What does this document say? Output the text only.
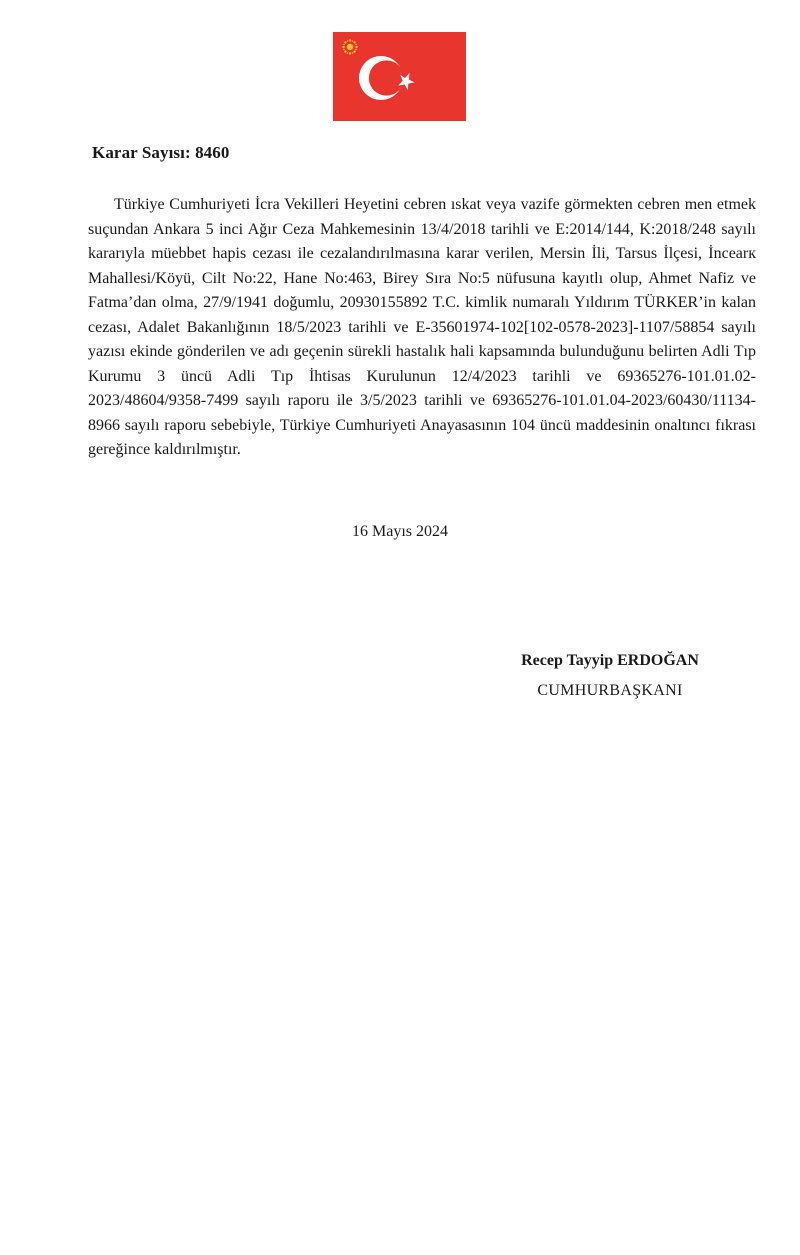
Karar Sayısı: 8460

Türkiye Cumhuriyeti İcra Vekilleri Heyetini cebren ıskat veya vazife görmekten cebren men etmek suçundan Ankara 5 inci Ağır Ceza Mahkemesinin 13/4/2018 tarihli ve E:2014/144, K:2018/248 sayılı kararıyla müebbet hapis cezası ile cezalandırılmasına karar verilen, Mersin İli, Tarsus İlçesi, İncearк Mahallesi/Köyü, Cilt No:22, Hane No:463, Birey Sıra No:5 nüfusuna kayıtlı olup, Ahmet Nafiz ve Fatma’dan olma, 27/9/1941 doğumlu, 20930155892 T.C. kimlik numaralı Yıldırım TÜRKER’in kalan cezası, Adalet Bakanlığının 18/5/2023 tarihli ve E-35601974-102[102-0578-2023]-1107/58854 sayılı yazısı ekinde gönderilen ve adı geçenin sürekli hastalık hali kapsamında bulunduğunu belirten Adli Tıp Kurumu 3 üncü Adli Tıp İhtisas Kurulunun 12/4/2023 tarihli ve 69365276-101.01.02-2023/48604/9358-7499 sayılı raporu ile 3/5/2023 tarihli ve 69365276-101.01.04-2023/60430/11134-8966 sayılı raporu sebebiyle, Türkiye Cumhuriyeti Anayasasının 104 üncü maddesinin onaltıncı fıkrası gereğince kaldırılmıştır.

16 Mayıs 2024
Recep Tayyip ERDOĞAN
CUMHURBAŞKANI
